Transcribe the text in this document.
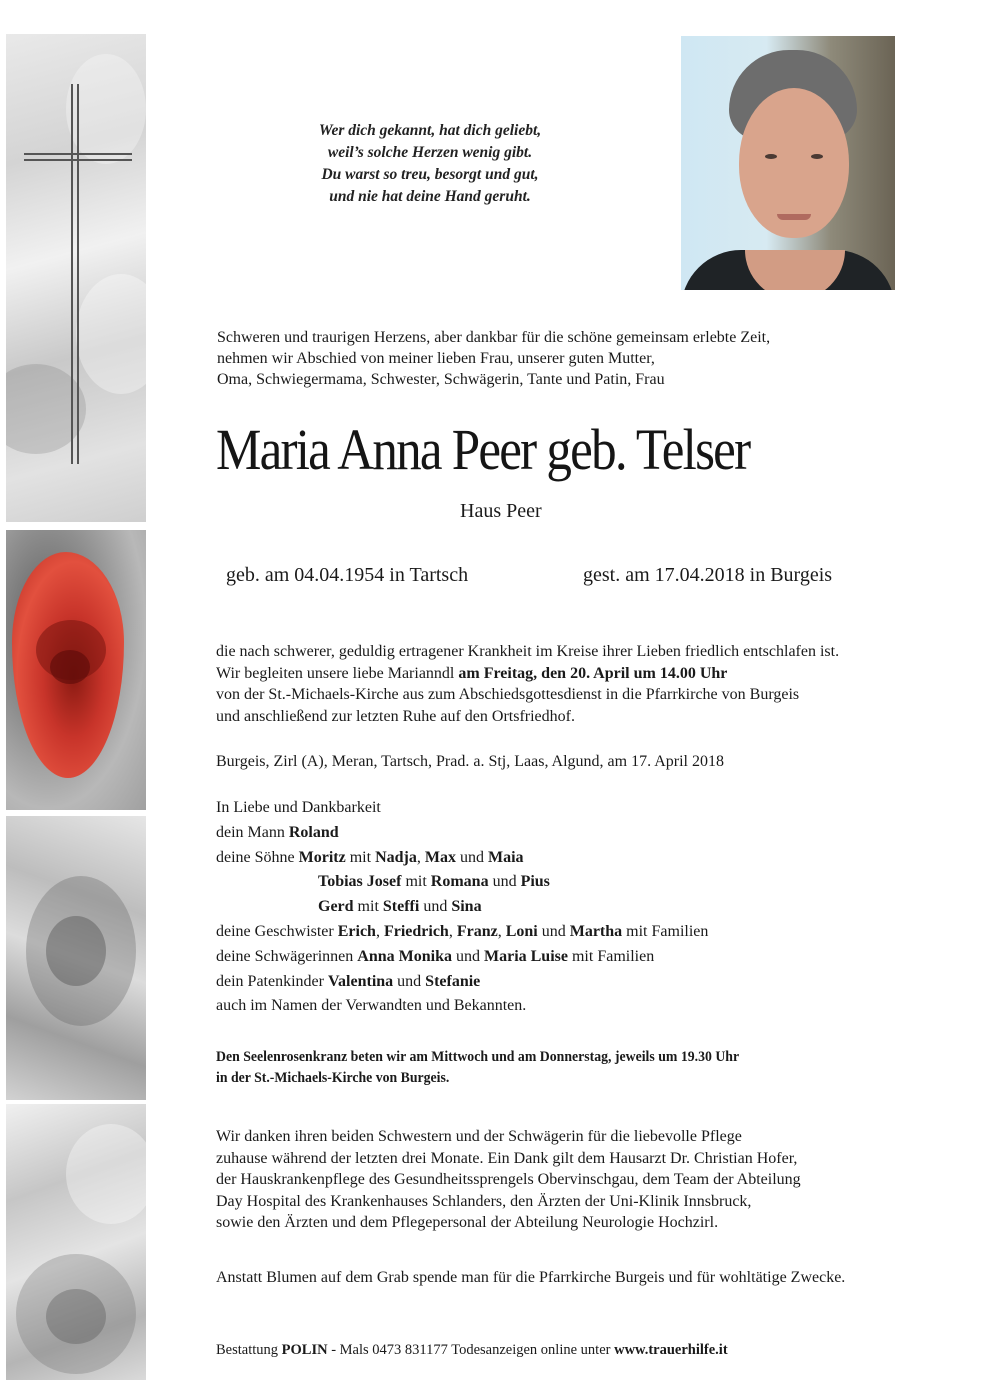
Wer dich gekannt, hat dich geliebt,
weil’s solche Herzen wenig gibt.
Du warst so treu, besorgt und gut,
und nie hat deine Hand geruht.
Schweren und traurigen Herzens, aber dankbar für die schöne gemeinsam erlebte Zeit,
nehmen wir Abschied von meiner lieben Frau, unserer guten Mutter,
Oma, Schwiegermama, Schwester, Schwägerin, Tante und Patin, Frau
Maria Anna Peer geb. Telser
Haus Peer
geb. am 04.04.1954 in Tartsch	gest. am 17.04.2018 in Burgeis
die nach schwerer, geduldig ertragener Krankheit im Kreise ihrer Lieben friedlich entschlafen ist.
Wir begleiten unsere liebe Marianndl am Freitag, den 20. April um 14.00 Uhr
von der St.-Michaels-Kirche aus zum Abschiedsgottesdienst in die Pfarrkirche von Burgeis
und anschließend zur letzten Ruhe auf den Ortsfriedhof.
Burgeis, Zirl (A), Meran, Tartsch, Prad. a. Stj, Laas, Algund, am 17. April 2018
In Liebe und Dankbarkeit
dein Mann Roland
deine Söhne Moritz mit Nadja, Max und Maia
Tobias Josef mit Romana und Pius
Gerd mit Steffi und Sina
deine Geschwister Erich, Friedrich, Franz, Loni und Martha mit Familien
deine Schwägerinnen Anna Monika und Maria Luise mit Familien
dein Patenkinder Valentina und Stefanie
auch im Namen der Verwandten und Bekannten.
Den Seelenrosenkranz beten wir am Mittwoch und am Donnerstag, jeweils um 19.30 Uhr
in der St.-Michaels-Kirche von Burgeis.
Wir danken ihren beiden Schwestern und der Schwägerin für die liebevolle Pflege
zuhause während der letzten drei Monate. Ein Dank gilt dem Hausarzt Dr. Christian Hofer,
der Hauskrankenpflege des Gesundheitssprengels Obervinschgau, dem Team der Abteilung
Day Hospital des Krankenhauses Schlanders, den Ärzten der Uni-Klinik Innsbruck,
sowie den Ärzten und dem Pflegepersonal der Abteilung Neurologie Hochzirl.
Anstatt Blumen auf dem Grab spende man für die Pfarrkirche Burgeis und für wohltätige Zwecke.
Bestattung POLIN - Mals 0473 831177 Todesanzeigen online unter www.trauerhilfe.it
